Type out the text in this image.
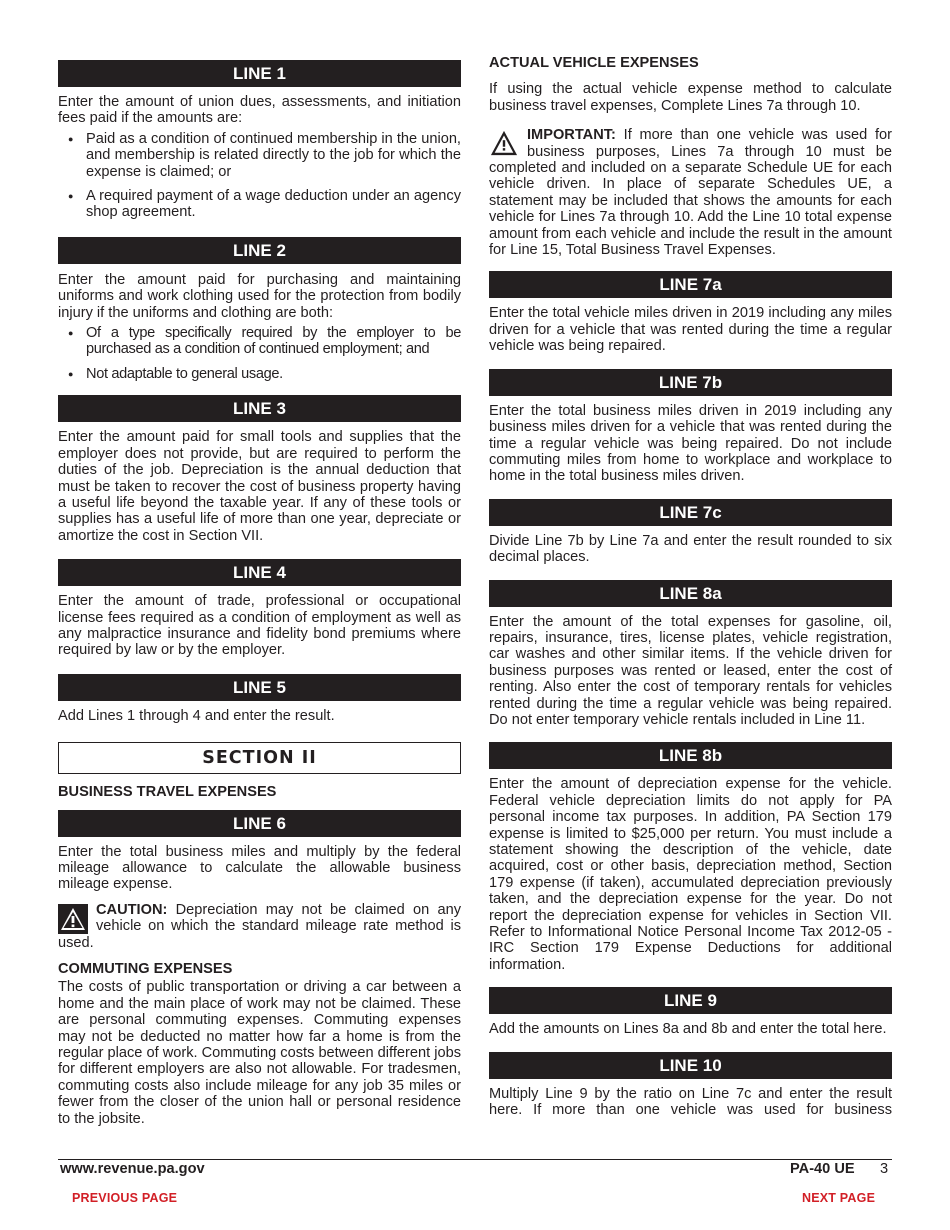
LINE 1
Enter the amount of union dues, assessments, and initiation fees paid if the amounts are:
● Paid as a condition of continued membership in the union, and membership is related directly to the job for which the expense is claimed; or
● A required payment of a wage deduction under an agency shop agreement.
LINE 2
Enter the amount paid for purchasing and maintaining uniforms and work clothing used for the protection from bodily injury if the uniforms and clothing are both:
● Of a type specifically required by the employer to be purchased as a condition of continued employment; and
● Not adaptable to general usage.
LINE 3
Enter the amount paid for small tools and supplies that the employer does not provide, but are required to perform the duties of the job. Depreciation is the annual deduction that must be taken to recover the cost of business property having a useful life beyond the taxable year. If any of these tools or supplies has a useful life of more than one year, depreciate or amortize the cost in Section VII.
LINE 4
Enter the amount of trade, professional or occupational license fees required as a condition of employment as well as any malpractice insurance and fidelity bond premiums where required by law or by the employer.
LINE 5
Add Lines 1 through 4 and enter the result.
SECTION II
BUSINESS TRAVEL EXPENSES
LINE 6
Enter the total business miles and multiply by the federal mileage allowance to calculate the allowable business mileage expense.
CAUTION: Depreciation may not be claimed on any vehicle on which the standard mileage rate method is used.
COMMUTING EXPENSES
The costs of public transportation or driving a car between a home and the main place of work may not be claimed. These are personal commuting expenses. Commuting expenses may not be deducted no matter how far a home is from the regular place of work. Commuting costs between different jobs for different employers are also not allowable. For tradesmen, commuting costs also include mileage for any job 35 miles or fewer from the closer of the union hall or personal residence to the jobsite.
ACTUAL VEHICLE EXPENSES
If using the actual vehicle expense method to calculate business travel expenses, Complete Lines 7a through 10.
IMPORTANT: If more than one vehicle was used for business purposes, Lines 7a through 10 must be completed and included on a separate Schedule UE for each vehicle driven. In place of separate Schedules UE, a statement may be included that shows the amounts for each vehicle for Lines 7a through 10. Add the Line 10 total expense amount from each vehicle and include the result in the amount for Line 15, Total Business Travel Expenses.
LINE 7a
Enter the total vehicle miles driven in 2019 including any miles driven for a vehicle that was rented during the time a regular vehicle was being repaired.
LINE 7b
Enter the total business miles driven in 2019 including any business miles driven for a vehicle that was rented during the time a regular vehicle was being repaired. Do not include commuting miles from home to workplace and workplace to home in the total business miles driven.
LINE 7c
Divide Line 7b by Line 7a and enter the result rounded to six decimal places.
LINE 8a
Enter the amount of the total expenses for gasoline, oil, repairs, insurance, tires, license plates, vehicle registration, car washes and other similar items. If the vehicle driven for business purposes was rented or leased, enter the cost of renting. Also enter the cost of temporary rentals for vehicles rented during the time a regular vehicle was being repaired. Do not enter temporary vehicle rentals included in Line 11.
LINE 8b
Enter the amount of depreciation expense for the vehicle. Federal vehicle depreciation limits do not apply for PA personal income tax purposes. In addition, PA Section 179 expense is limited to $25,000 per return. You must include a statement showing the description of the vehicle, date acquired, cost or other basis, depreciation method, Section 179 expense (if taken), accumulated depreciation previously taken, and the depreciation expense for the year. Do not report the depreciation expense for vehicles in Section VII. Refer to Informational Notice Personal Income Tax 2012-05 - IRC Section 179 Expense Deductions for additional information.
LINE 9
Add the amounts on Lines 8a and 8b and enter the total here.
LINE 10
Multiply Line 9 by the ratio on Line 7c and enter the result here. If more than one vehicle was used for business
www.revenue.pa.gov	PA-40 UE 3
PREVIOUS PAGE	NEXT PAGE
